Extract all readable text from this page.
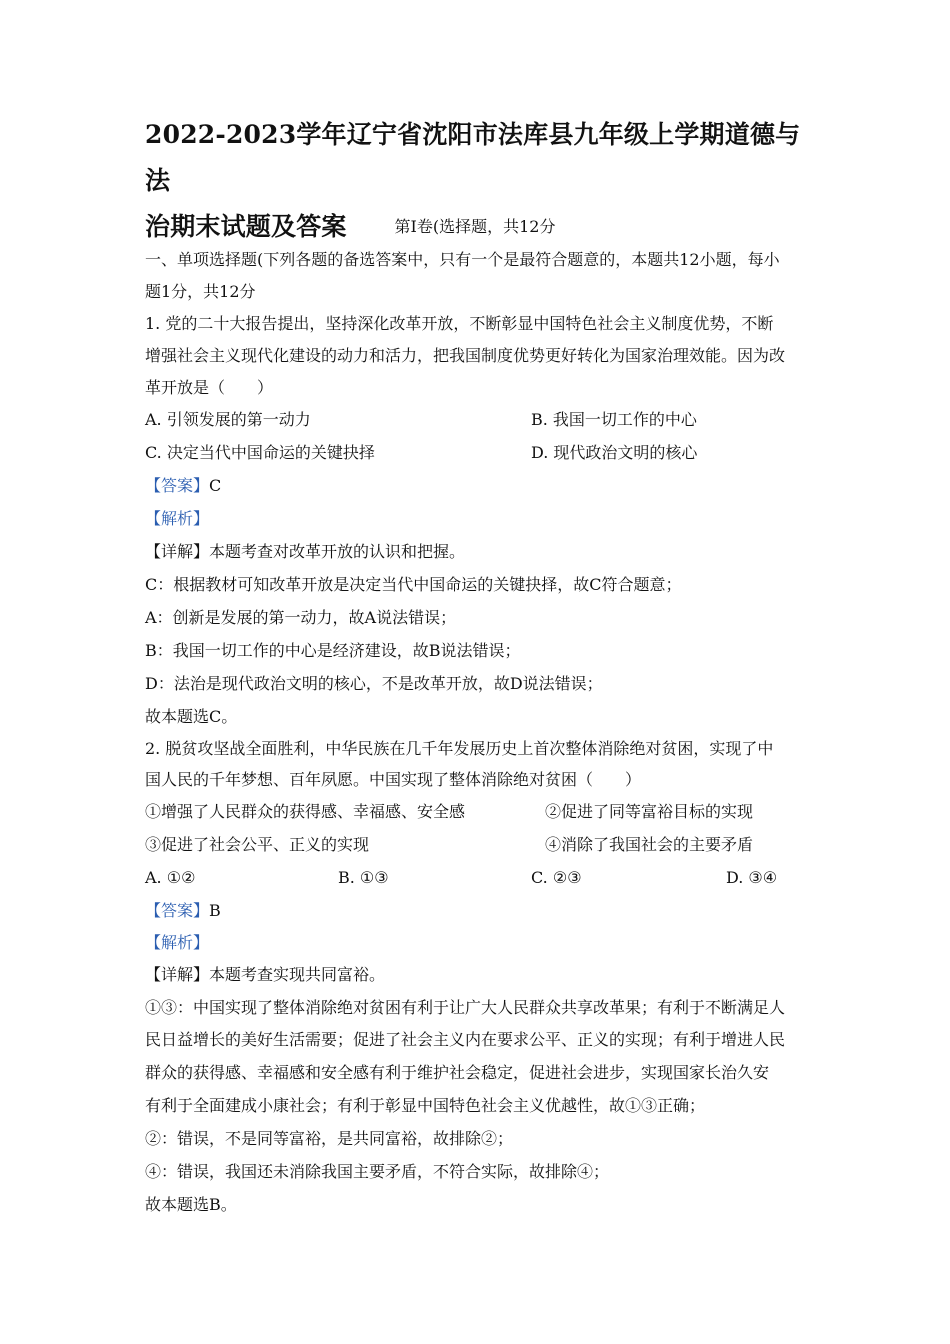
2022-2023学年辽宁省沈阳市法库县九年级上学期道德与法
治期末试题及答案	第Ⅰ卷(选择题，共12分
一、单项选择题(下列各题的备选答案中，只有一个是最符合题意的，本题共12小题，每小
题1分，共12分
1. 党的二十大报告提出，坚持深化改革开放，不断彰显中国特色社会主义制度优势，不断
增强社会主义现代化建设的动力和活力，把我国制度优势更好转化为国家治理效能。因为改
革开放是（　　）
A. 引领发展的第一动力	B. 我国一切工作的中心
C. 决定当代中国命运的关键抉择	D. 现代政治文明的核心
【答案】C
【解析】
【详解】本题考查对改革开放的认识和把握。
C：根据教材可知改革开放是决定当代中国命运的关键抉择，故C符合题意；
A：创新是发展的第一动力，故A说法错误；
B：我国一切工作的中心是经济建设，故B说法错误；
D：法治是现代政治文明的核心，不是改革开放，故D说法错误；
故本题选C。
2. 脱贫攻坚战全面胜利，中华民族在几千年发展历史上首次整体消除绝对贫困，实现了中
国人民的千年梦想、百年夙愿。中国实现了整体消除绝对贫困（　　）
①增强了人民群众的获得感、幸福感、安全感	②促进了同等富裕目标的实现
③促进了社会公平、正义的实现	④消除了我国社会的主要矛盾
A. ①②	B. ①③	C. ②③	D. ③④
【答案】B
【解析】
【详解】本题考查实现共同富裕。
①③：中国实现了整体消除绝对贫困有利于让广大人民群众共享改革果；有利于不断满足人
民日益增长的美好生活需要；促进了社会主义内在要求公平、正义的实现；有利于增进人民
群众的获得感、幸福感和安全感有利于维护社会稳定，促进社会进步，实现国家长治久安
有利于全面建成小康社会；有利于彰显中国特色社会主义优越性，故①③正确；
②：错误，不是同等富裕，是共同富裕，故排除②；
④：错误，我国还未消除我国主要矛盾，不符合实际，故排除④；
故本题选B。
